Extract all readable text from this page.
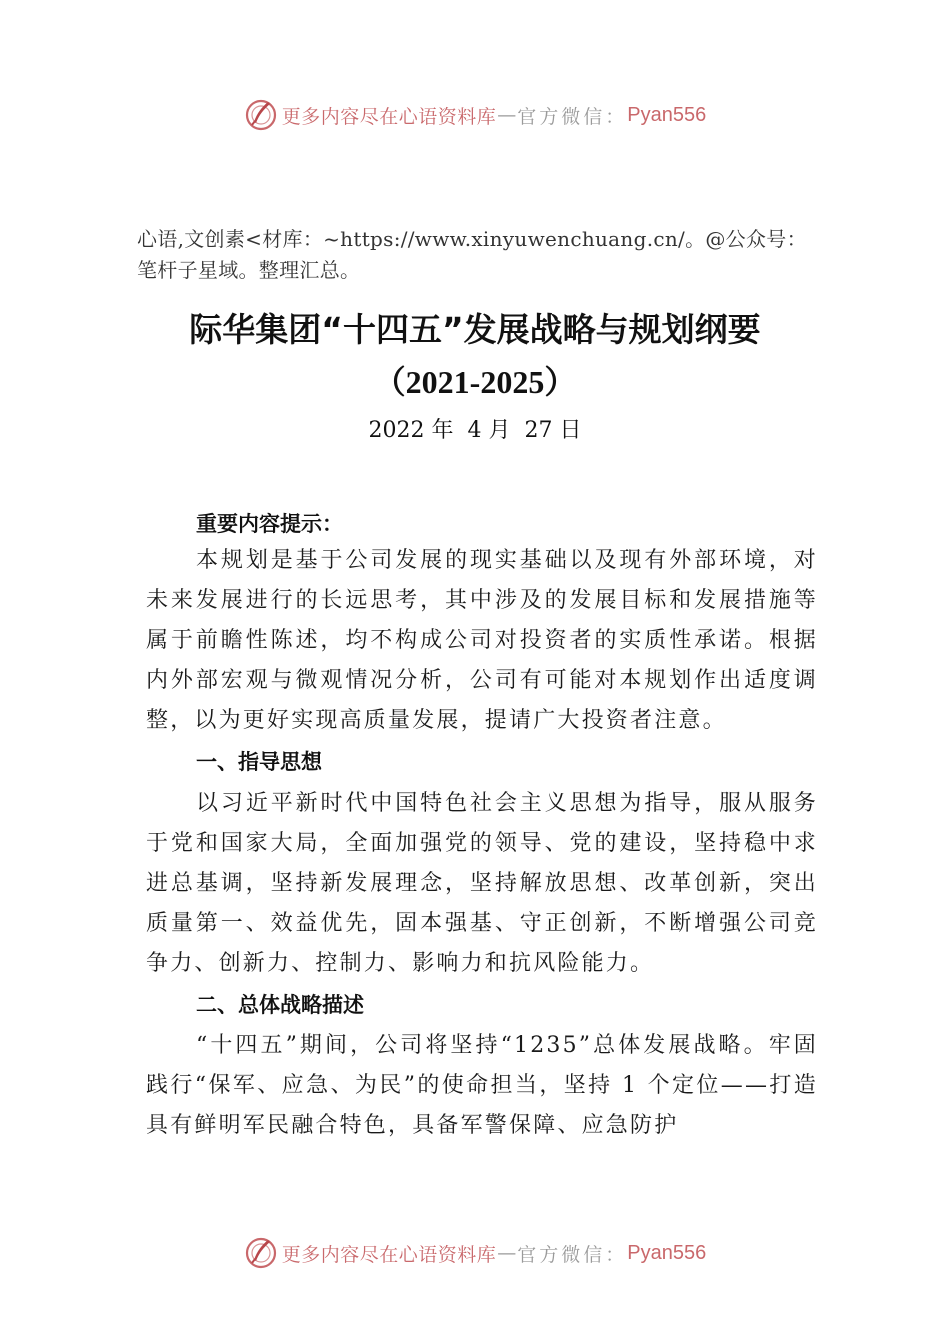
更多内容尽在心语资料库 — 官方微信： Pyan556
心语,文创素<材库：~https://www.xinyuwenchuang.cn/。@公众号：笔杆子星域。整理汇总。
际华集团“十四五”发展战略与规划纲要
（2021-2025）
2022 年  4 月  27 日
重要内容提示：
本规划是基于公司发展的现实基础以及现有外部环境，对未来发展进行的长远思考，其中涉及的发展目标和发展措施等属于前瞻性陈述，均不构成公司对投资者的实质性承诺。根据内外部宏观与微观情况分析，公司有可能对本规划作出适度调整，以为更好实现高质量发展，提请广大投资者注意。
一、指导思想
以习近平新时代中国特色社会主义思想为指导，服从服务于党和国家大局，全面加强党的领导、党的建设，坚持稳中求进总基调，坚持新发展理念，坚持解放思想、改革创新，突出质量第一、效益优先，固本强基、守正创新，不断增强公司竞争力、创新力、控制力、影响力和抗风险能力。
二、总体战略描述
“十四五”期间，公司将坚持“1235”总体发展战略。牢固践行“保军、应急、为民”的使命担当，坚持 1 个定位——打造具有鲜明军民融合特色，具备军警保障、应急防护
更多内容尽在心语资料库 — 官方微信： Pyan556
